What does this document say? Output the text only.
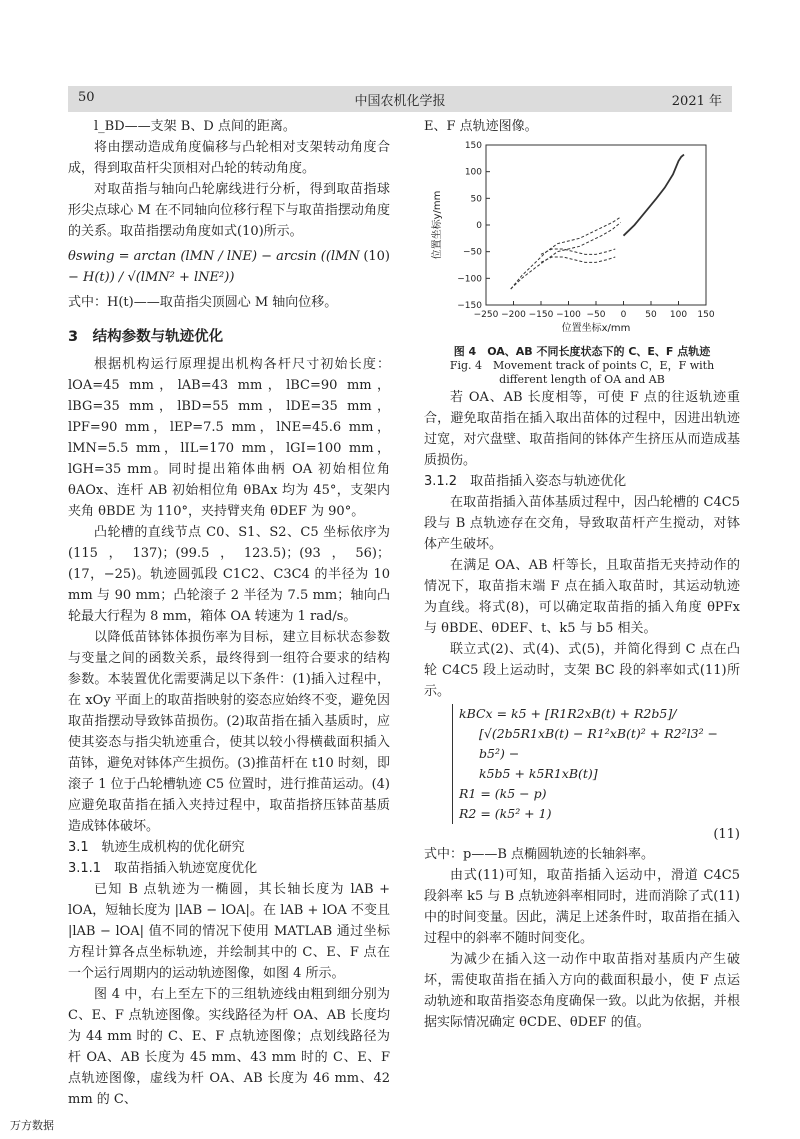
50	中国农机化学报	2021 年

l_BD——支架 B、D 点间的距离。

将由摆动造成角度偏移与凸轮相对支架转动角度合成，得到取苗杆尖顶相对凸轮的转动角度。

对取苗指与轴向凸轮廓线进行分析，得到取苗指球形尖点球心 M 在不同轴向位移行程下与取苗指摆动角度的关系。取苗指摆动角度如式(10)所示。

θswing = arctan (lMN / lNE) − arcsin ((lMN − H(t)) / √(lMN² + lNE²))
(10)

式中：H(t)——取苗指尖顶圆心 M 轴向位移。

3　结构参数与轨迹优化

根据机构运行原理提出机构各杆尺寸初始长度：lOA=45 mm，lAB=43 mm，lBC=90 mm，lBG=35 mm，lBD=55 mm，lDE=35 mm，lPF=90 mm，lEP=7.5 mm，lNE=45.6 mm，lMN=5.5 mm，lIL=170 mm，lGI=100 mm，lGH=35 mm。同时提出箱体曲柄 OA 初始相位角 θAOx、连杆 AB 初始相位角 θBAx 均为 45°，支架内夹角 θBDE 为 110°，夹持臂夹角 θDEF 为 90°。

凸轮槽的直线节点 C0、S1、S2、C5 坐标依序为(115，137)；(99.5，123.5)；(93，56)；(17，−25)。轨迹圆弧段 C1C2、C3C4 的半径为 10 mm 与 90 mm；凸轮滚子 2 半径为 7.5 mm；轴向凸轮最大行程为 8 mm，箱体 OA 转速为 1 rad/s。

以降低苗钵钵体损伤率为目标，建立目标状态参数与变量之间的函数关系，最终得到一组符合要求的结构参数。本装置优化需要满足以下条件：(1)插入过程中，在 xOy 平面上的取苗指映射的姿态应始终不变，避免因取苗指摆动导致钵苗损伤。(2)取苗指在插入基质时，应使其姿态与指尖轨迹重合，使其以较小得横截面积插入苗钵，避免对钵体产生损伤。(3)推苗杆在 t10 时刻，即滚子 1 位于凸轮槽轨迹 C5 位置时，进行推苗运动。(4)应避免取苗指在插入夹持过程中，取苗指挤压钵苗基质造成钵体破坏。

3.1　轨迹生成机构的优化研究
3.1.1　取苗指插入轨迹宽度优化

已知 B 点轨迹为一椭圆，其长轴长度为 lAB + lOA，短轴长度为 |lAB − lOA|。在 lAB + lOA 不变且 |lAB − lOA| 值不同的情况下使用 MATLAB 通过坐标方程计算各点坐标轨迹，并绘制其中的 C、E、F 点在一个运行周期内的运动轨迹图像，如图 4 所示。

图 4 中，右上至左下的三组轨迹线由粗到细分别为 C、E、F 点轨迹图像。实线路径为杆 OA、AB 长度均为 44 mm 时的 C、E、F 点轨迹图像；点划线路径为杆 OA、AB 长度为 45 mm、43 mm 时的 C、E、F 点轨迹图像，虚线为杆 OA、AB 长度为 46 mm、42 mm 的 C、

E、F 点轨迹图像。

−250 −200 −150 −100 −50 0 50 100 150
150
100
50
0
−50
−100
−150
位置坐标x/mm
位置坐标y/mm
图 4　OA、AB 不同长度状态下的 C、E、F 点轨迹
Fig. 4　Movement track of points C，E，F with
different length of OA and AB

若 OA、AB 长度相等，可使 F 点的往返轨迹重合，避免取苗指在插入取出苗体的过程中，因进出轨迹过宽，对穴盘壁、取苗指间的钵体产生挤压从而造成基质损伤。

3.1.2　取苗指插入姿态与轨迹优化

在取苗指插入苗体基质过程中，因凸轮槽的 C4C5 段与 B 点轨迹存在交角，导致取苗杆产生搅动，对钵体产生破坏。

在满足 OA、AB 杆等长，且取苗指无夹持动作的情况下，取苗指末端 F 点在插入取苗时，其运动轨迹为直线。将式(8)，可以确定取苗指的插入角度 θPFx 与 θBDE、θDEF、t、k5 与 b5 相关。

联立式(2)、式(4)、式(5)，并简化得到 C 点在凸轮 C4C5 段上运动时，支架 BC 段的斜率如式(11)所示。

kBCx = k5 + [R1R2xB(t) + R2b5]/
[√(2b5R1xB(t) − R1²xB(t)² + R2²l3² − b5²) −
k5b5 + k5R1xB(t)]
R1 = (k5 − p)
R2 = (k5² + 1)
(11)

式中：p——B 点椭圆轨迹的长轴斜率。

由式(11)可知，取苗指插入运动中，滑道 C4C5 段斜率 k5 与 B 点轨迹斜率相同时，进而消除了式(11)中的时间变量。因此，满足上述条件时，取苗指在插入过程中的斜率不随时间变化。

为减少在插入这一动作中取苗指对基质内产生破坏，需使取苗指在插入方向的截面积最小，使 F 点运动轨迹和取苗指姿态角度确保一致。以此为依据，并根据实际情况确定 θCDE、θDEF 的值。

万方数据
